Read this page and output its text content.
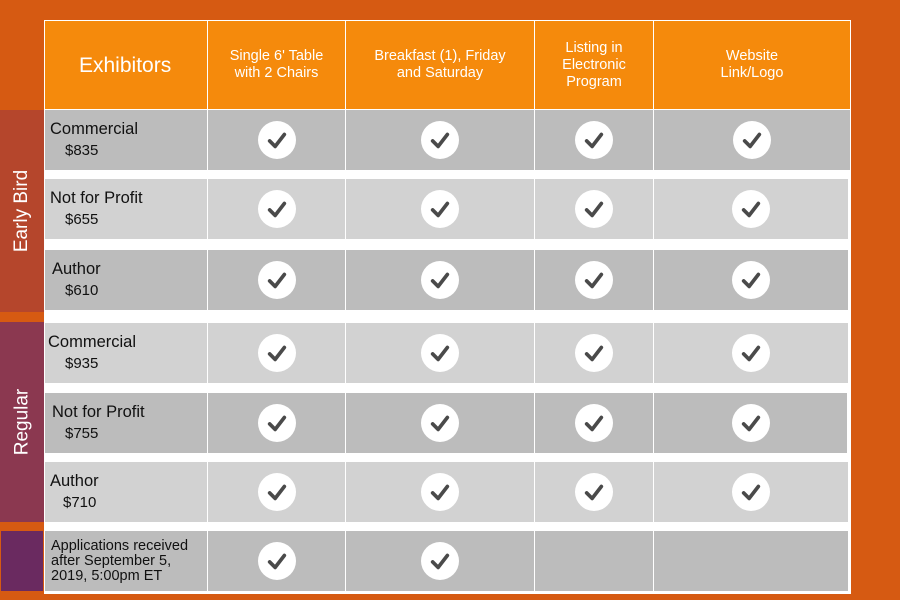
Early Bird
Regular
Exhibitors	Single 6' Table
with 2 Chairs
Breakfast (1), Friday
and Saturday
Listing in
Electronic
Program
Website
Link/Logo
Commercial
$835
Not for Profit
$655
Author
$610
Commercial
$935
Not for Profit
$755
Author
$710
Applications received after September 5, 2019, 5:00pm ET
